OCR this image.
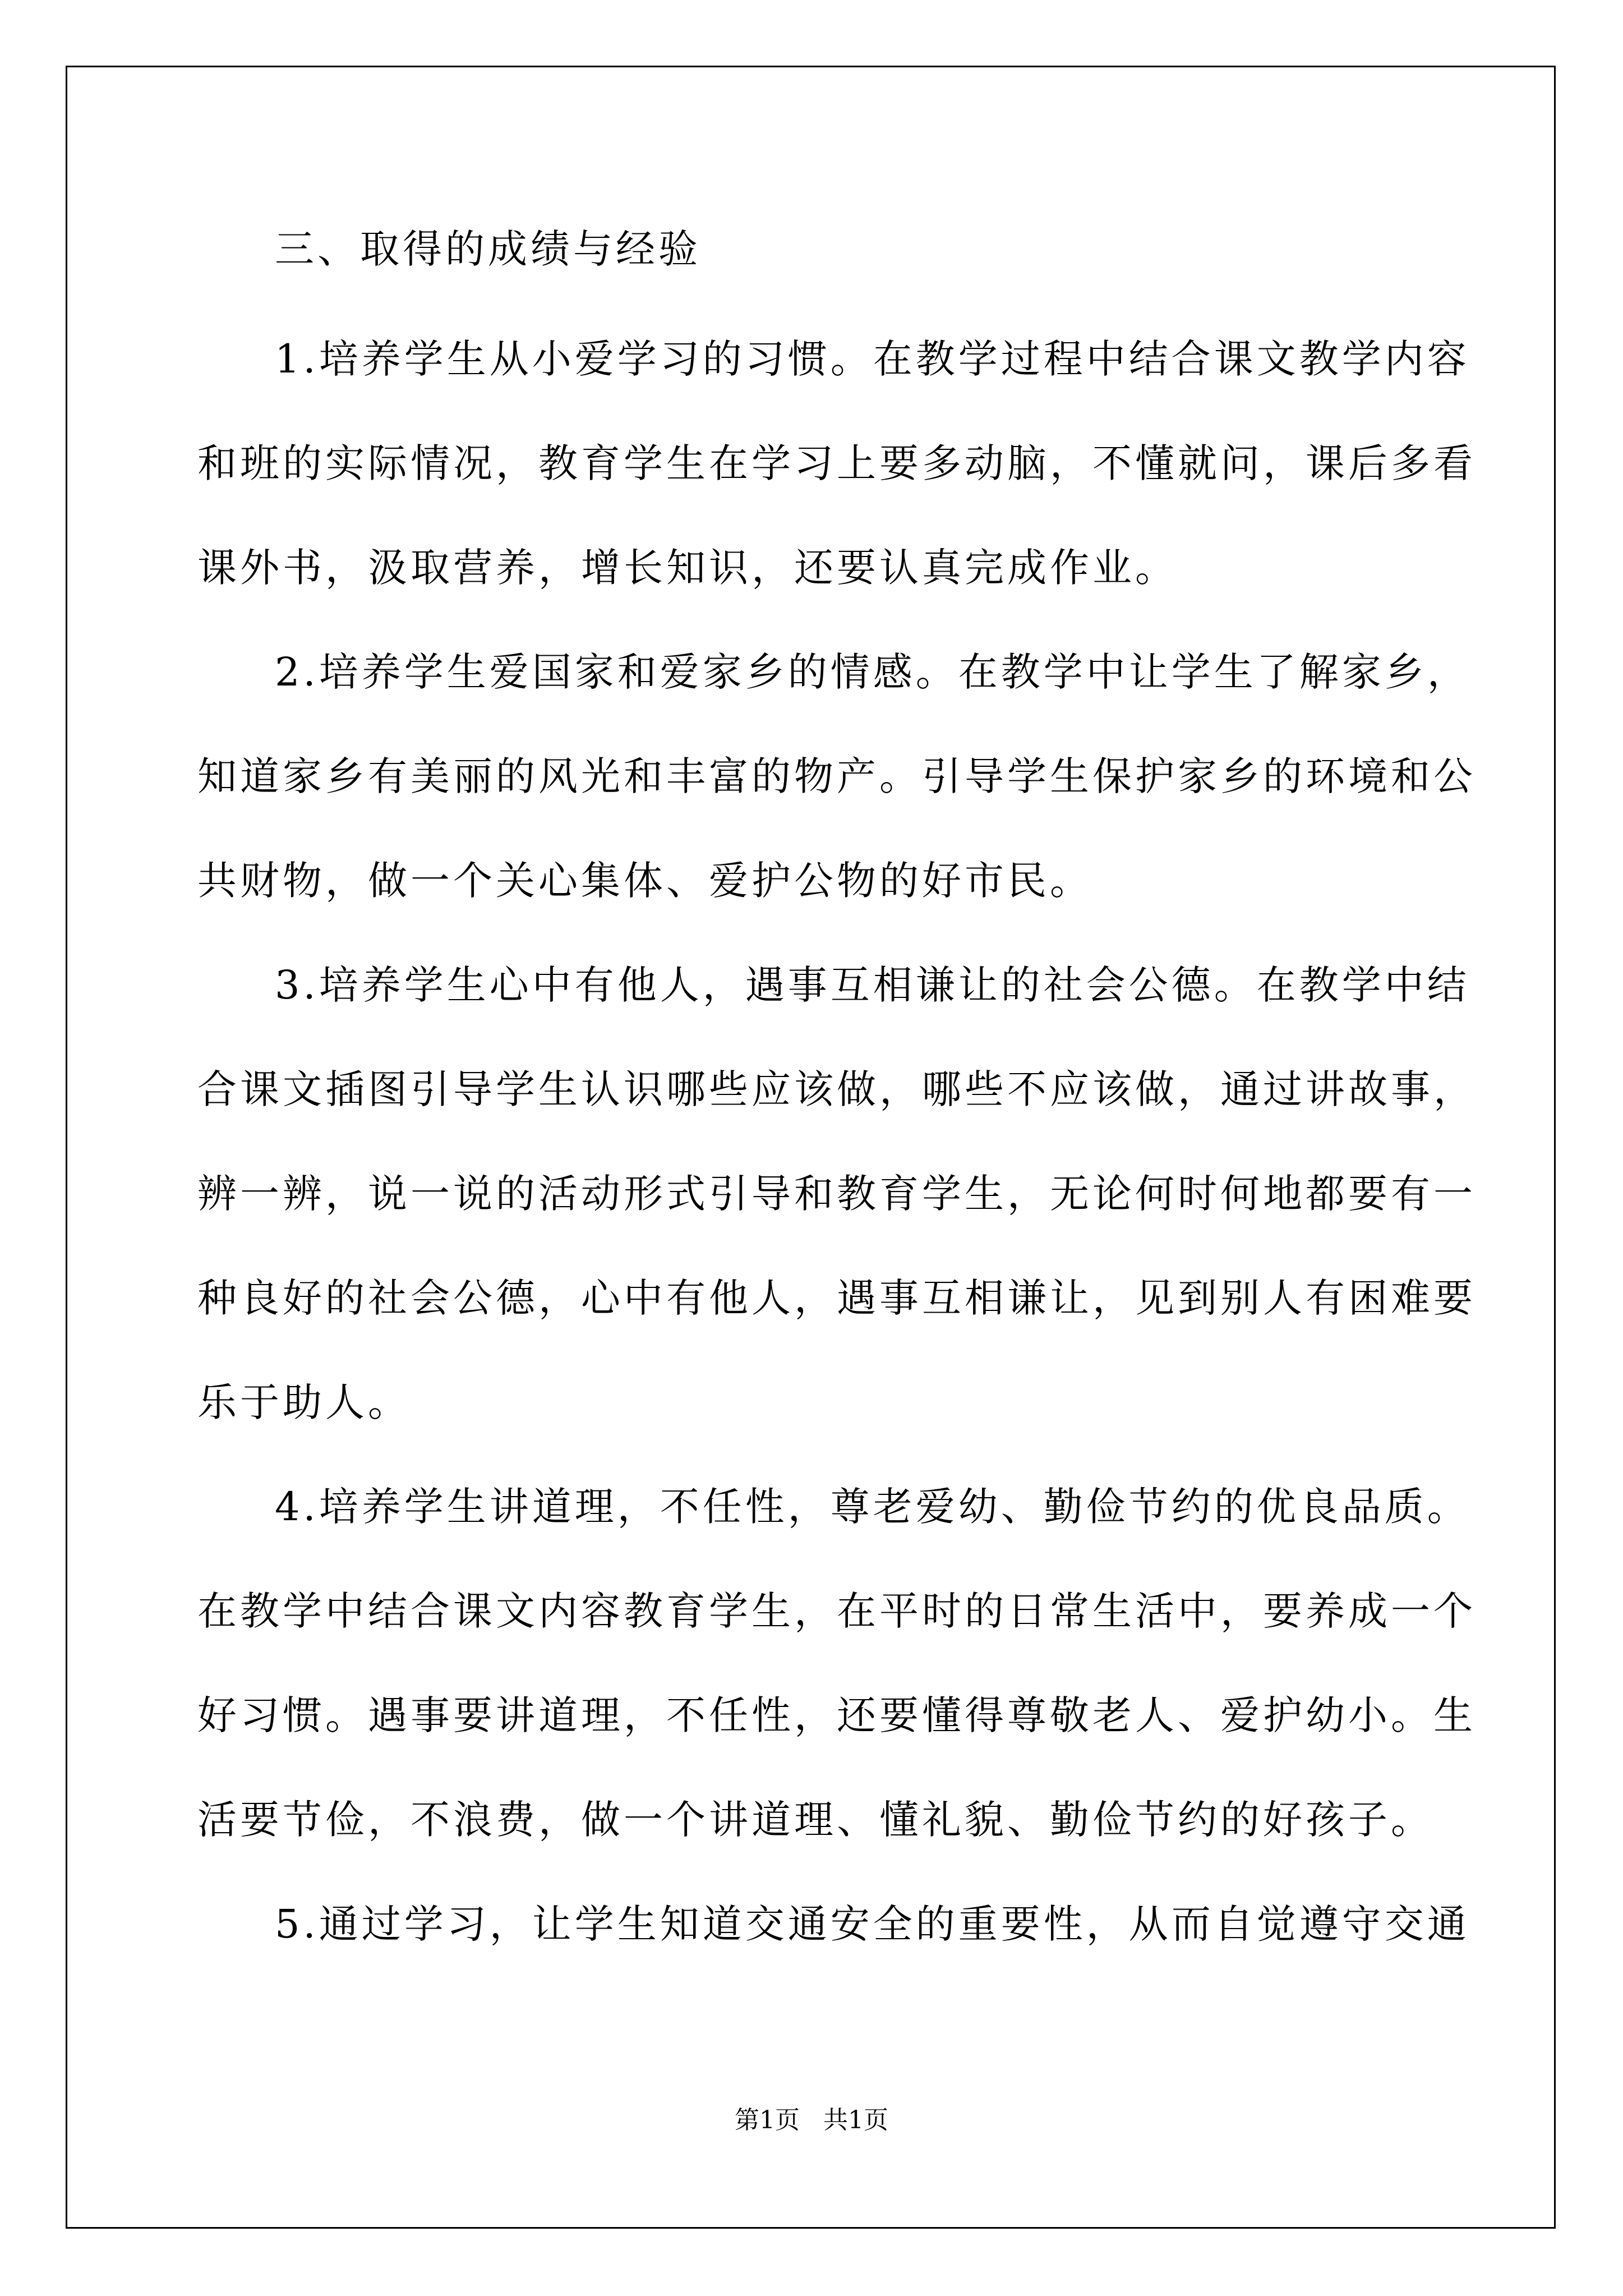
三、取得的成绩与经验
1.培养学生从小爱学习的习惯。在教学过程中结合课文教学内容
和班的实际情况，教育学生在学习上要多动脑，不懂就问，课后多看
课外书，汲取营养，增长知识，还要认真完成作业。
2.培养学生爱国家和爱家乡的情感。在教学中让学生了解家乡，
知道家乡有美丽的风光和丰富的物产。引导学生保护家乡的环境和公
共财物，做一个关心集体、爱护公物的好市民。
3.培养学生心中有他人，遇事互相谦让的社会公德。在教学中结
合课文插图引导学生认识哪些应该做，哪些不应该做，通过讲故事，
辨一辨，说一说的活动形式引导和教育学生，无论何时何地都要有一
种良好的社会公德，心中有他人，遇事互相谦让，见到别人有困难要
乐于助人。
4.培养学生讲道理，不任性，尊老爱幼、勤俭节约的优良品质。
在教学中结合课文内容教育学生，在平时的日常生活中，要养成一个
好习惯。遇事要讲道理，不任性，还要懂得尊敬老人、爱护幼小。生
活要节俭，不浪费，做一个讲道理、懂礼貌、勤俭节约的好孩子。
5.通过学习，让学生知道交通安全的重要性，从而自觉遵守交通
第1页   共1页
